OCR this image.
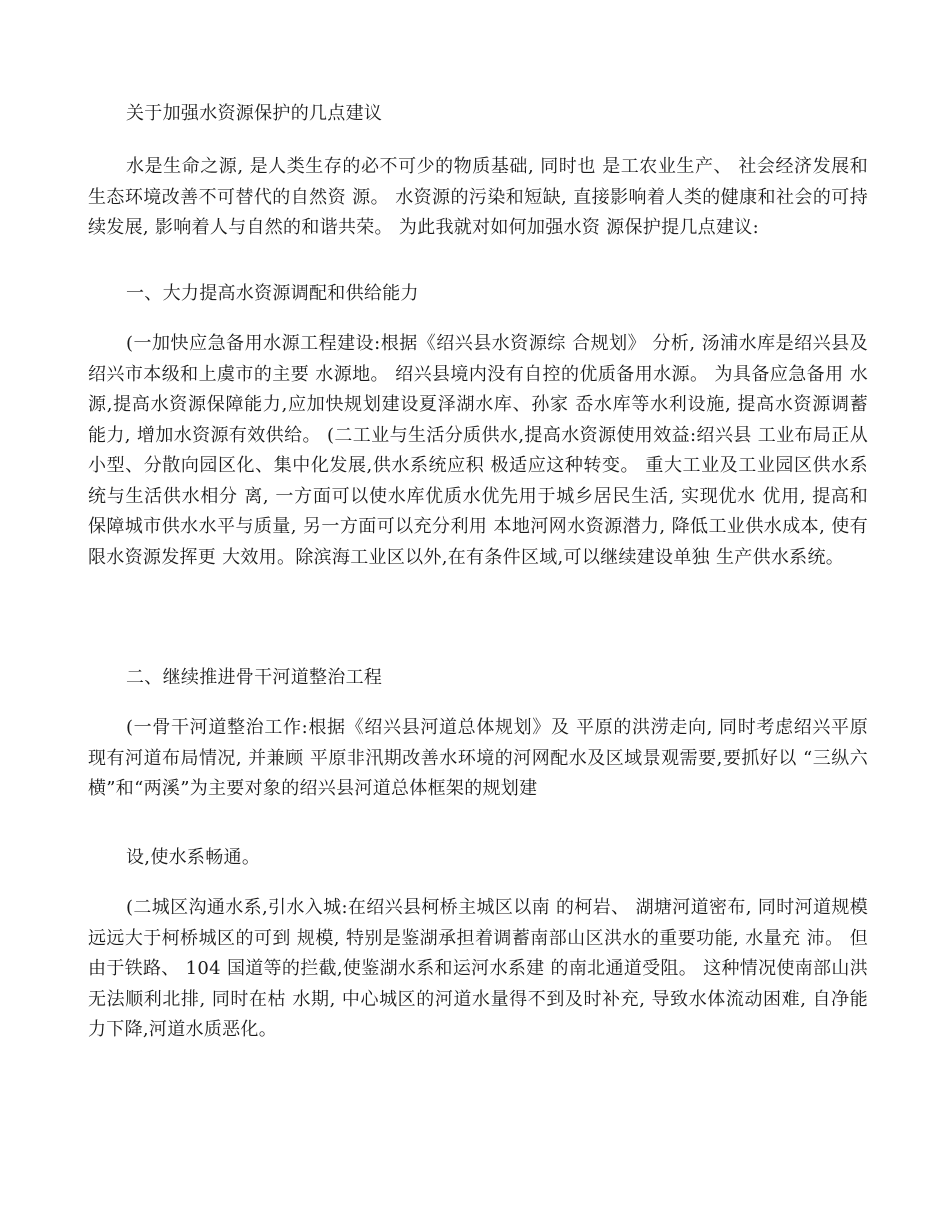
关于加强水资源保护的几点建议

水是生命之源, 是人类生存的必不可少的物质基础, 同时也 是工农业生产、 社会经济发展和生态环境改善不可替代的自然资 源。 水资源的污染和短缺, 直接影响着人类的健康和社会的可持 续发展, 影响着人与自然的和谐共荣。 为此我就对如何加强水资 源保护提几点建议:

一、大力提高水资源调配和供给能力

(一加快应急备用水源工程建设:根据《绍兴县水资源综 合规划》 分析, 汤浦水库是绍兴县及绍兴市本级和上虞市的主要 水源地。 绍兴县境内没有自控的优质备用水源。 为具备应急备用 水源,提高水资源保障能力,应加快规划建设夏泽湖水库、孙家 岙水库等水利设施, 提高水资源调蓄能力, 增加水资源有效供给。 (二工业与生活分质供水,提高水资源使用效益:绍兴县 工业布局正从小型、分散向园区化、集中化发展,供水系统应积 极适应这种转变。 重大工业及工业园区供水系统与生活供水相分 离, 一方面可以使水库优质水优先用于城乡居民生活, 实现优水 优用, 提高和保障城市供水水平与质量, 另一方面可以充分利用 本地河网水资源潜力, 降低工业供水成本, 使有限水资源发挥更 大效用。除滨海工业区以外,在有条件区域,可以继续建设单独 生产供水系统。

二、继续推进骨干河道整治工程

(一骨干河道整治工作:根据《绍兴县河道总体规划》及 平原的洪涝走向, 同时考虑绍兴平原现有河道布局情况, 并兼顾 平原非汛期改善水环境的河网配水及区域景观需要,要抓好以 “三纵六横”和“两溪”为主要对象的绍兴县河道总体框架的规划建

设,使水系畅通。

(二城区沟通水系,引水入城:在绍兴县柯桥主城区以南 的柯岩、 湖塘河道密布, 同时河道规模远远大于柯桥城区的可到 规模, 特别是鉴湖承担着调蓄南部山区洪水的重要功能, 水量充 沛。 但由于铁路、 104 国道等的拦截,使鉴湖水系和运河水系建 的南北通道受阻。 这种情况使南部山洪无法顺利北排, 同时在枯 水期, 中心城区的河道水量得不到及时补充, 导致水体流动困难, 自净能力下降,河道水质恶化。
